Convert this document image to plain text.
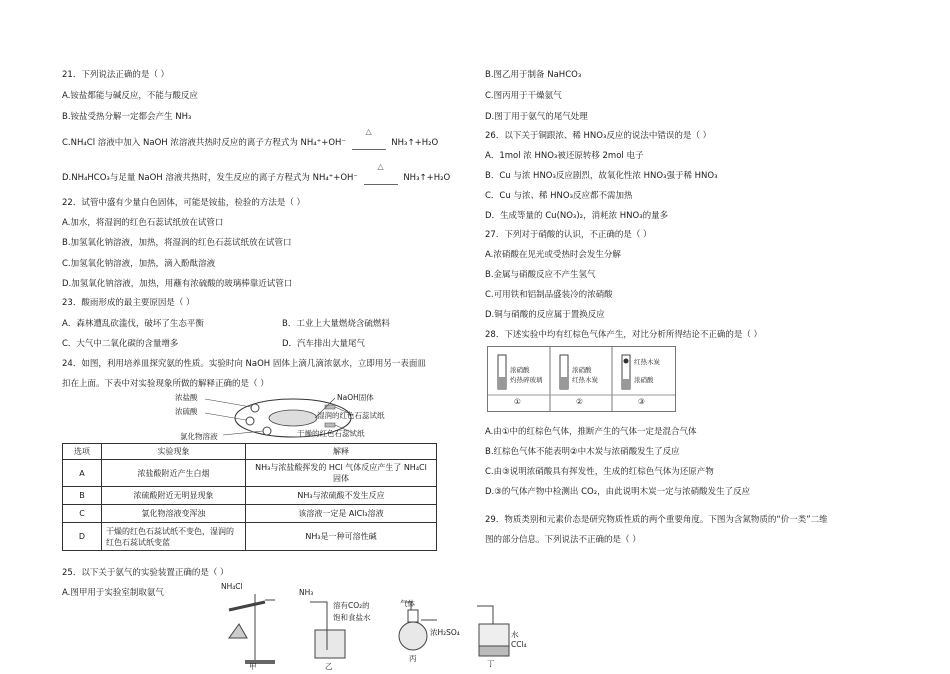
21．下列说法正确的是（ ）
A.铵盐都能与碱反应，不能与酸反应
B.铵盐受热分解一定都会产生 NH₃
C.NH₄Cl 溶液中加入 NaOH 浓溶液共热时反应的离子方程式为 NH₄⁺+OH⁻
△
NH₃↑+H₂O
D.NH₄HCO₃与足量 NaOH 溶液共热时，发生反应的离子方程式为 NH₄⁺+OH⁻
△
NH₃↑+H₂O
22．试管中盛有少量白色固体，可能是铵盐，检验的方法是（ ）
A.加水，将湿润的红色石蕊试纸放在试管口
B.加氢氧化钠溶液，加热，将湿润的红色石蕊试纸放在试管口
C.加氢氧化钠溶液，加热，滴入酚酞溶液
D.加氢氧化钠溶液，加热，用蘸有浓硫酸的玻璃棒靠近试管口
23．酸雨形成的最主要原因是（ ）
A．森林遭乱砍滥伐，破坏了生态平衡	B．工业上大量燃烧含硫燃料
C．大气中二氧化碳的含量增多	D．汽车排出大量尾气
24．如图，利用培养皿探究氨的性质。实验时向 NaOH 固体上滴几滴浓氨水，立即用另一表面皿
扣在上面。下表中对实验现象所做的解释正确的是（ ）
浓盐酸
浓硫酸
氯化物溶液
NaOH固体
湿润的红色石蕊试纸
干燥的红色石蕊试纸
选项	实验现象	解释
A	浓盐酸附近产生白烟	NH₃与浓盐酸挥发的 HCl 气体反应产生了 NH₄Cl 固体
B	浓硫酸附近无明显现象	NH₃与浓硫酸不发生反应
C	氯化物溶液变浑浊	该溶液一定是 AlCl₃溶液
D	干燥的红色石蕊试纸不变色，湿润的红色石蕊试纸变蓝	NH₃是一种可溶性碱
25．以下关于氨气的实验装置正确的是（ ）
A.图甲用于实验室制取氨气
NH₄Cl
NH₃
溶有CO₂的
饱和食盐水
气体
浓H₂SO₄	水
CCl₄
甲	乙
丙
丁
B.图乙用于制备 NaHCO₃
C.图丙用于干燥氨气
D.图丁用于氨气的尾气处理
26．以下关于铜跟浓、稀 HNO₃反应的说法中错误的是（ ）
A．1mol 浓 HNO₃被还原转移 2mol 电子
B．Cu 与浓 HNO₃反应剧烈，故氧化性浓 HNO₃强于稀 HNO₃
C．Cu 与浓、稀 HNO₃反应都不需加热
D．生成等量的 Cu(NO₃)₂，消耗浓 HNO₃的量多
27．下列对于硝酸的认识，不正确的是（ ）
A.浓硝酸在见光或受热时会发生分解
B.金属与硝酸反应不产生氢气
C.可用铁和铝制品盛装冷的浓硝酸
D.铜与硝酸的反应属于置换反应
28．下述实验中均有红棕色气体产生，对比分析所得结论不正确的是（ ）
浓硝酸
灼热碎玻璃
浓硝酸
红热木炭
红热木炭
浓硝酸
①	②	③
A.由①中的红棕色气体，推断产生的气体一定是混合气体
B.红棕色气体不能表明②中木炭与浓硝酸发生了反应
C.由③说明浓硝酸具有挥发性，生成的红棕色气体为还原产物
D.③的气体产物中检测出 CO₂，由此说明木炭一定与浓硝酸发生了反应
29．物质类别和元素价态是研究物质性质的两个重要角度。下图为含氮物质的“价一类”二维
图的部分信息。下列说法不正确的是（ ）
